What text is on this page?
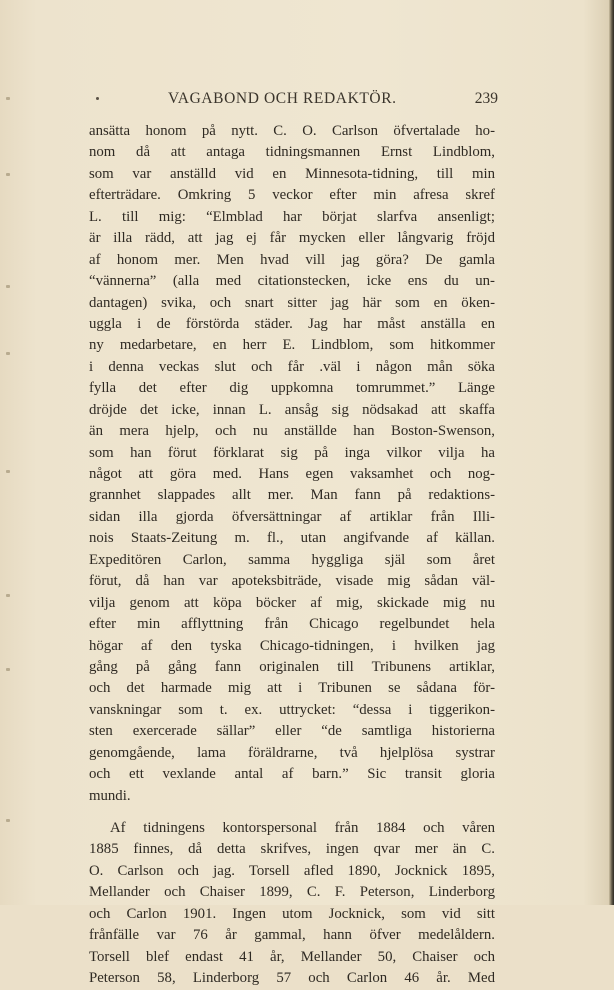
VAGABOND OCH REDAKTÖR.	239
ansätta honom på nytt. C. O. Carlson öfvertalade ho-
nom då att antaga tidningsmannen Ernst Lindblom,
som var anställd vid en Minnesota-tidning, till min
efterträdare. Omkring 5 veckor efter min afresa skref
L. till mig: “Elmblad har börjat slarfva ansenligt;
är illa rädd, att jag ej får mycken eller långvarig fröjd
af honom mer. Men hvad vill jag göra? De gamla
“vännerna” (alla med citationstecken, icke ens du un-
dantagen) svika, och snart sitter jag här som en öken-
uggla i de förstörda städer. Jag har måst anställa en
ny medarbetare, en herr E. Lindblom, som hitkommer
i denna veckas slut och får .väl i någon mån söka
fylla det efter dig uppkomna tomrummet.” Länge
dröjde det icke, innan L. ansåg sig nödsakad att skaffa
än mera hjelp, och nu anställde han Boston-Swenson,
som han förut förklarat sig på inga vilkor vilja ha
något att göra med. Hans egen vaksamhet och nog-
grannhet slappades allt mer. Man fann på redaktions-
sidan illa gjorda öfversättningar af artiklar från Illi-
nois Staats-Zeitung m. fl., utan angifvande af källan.
Expeditören Carlon, samma hyggliga själ som året
förut, då han var apoteksbiträde, visade mig sådan väl-
vilja genom att köpa böcker af mig, skickade mig nu
efter min afflyttning från Chicago regelbundet hela
högar af den tyska Chicago-tidningen, i hvilken jag
gång på gång fann originalen till Tribunens artiklar,
och det harmade mig att i Tribunen se sådana för-
vanskningar som t. ex. uttrycket: “dessa i tiggerikon-
sten exercerade sällar” eller “de samtliga historierna
genomgående, lama föräldrarne, två hjelplösa systrar
och ett vexlande antal af barn.” Sic transit gloria
mundi.
Af tidningens kontorspersonal från 1884 och våren
1885 finnes, då detta skrifves, ingen qvar mer än C.
O. Carlson och jag. Torsell afled 1890, Jocknick 1895,
Mellander och Chaiser 1899, C. F. Peterson, Linderborg
och Carlon 1901. Ingen utom Jocknick, som vid sitt
frånfälle var 76 år gammal, hann öfver medelåldern.
Torsell blef endast 41 år, Mellander 50, Chaiser och
Peterson 58, Linderborg 57 och Carlon 46 år. Med
